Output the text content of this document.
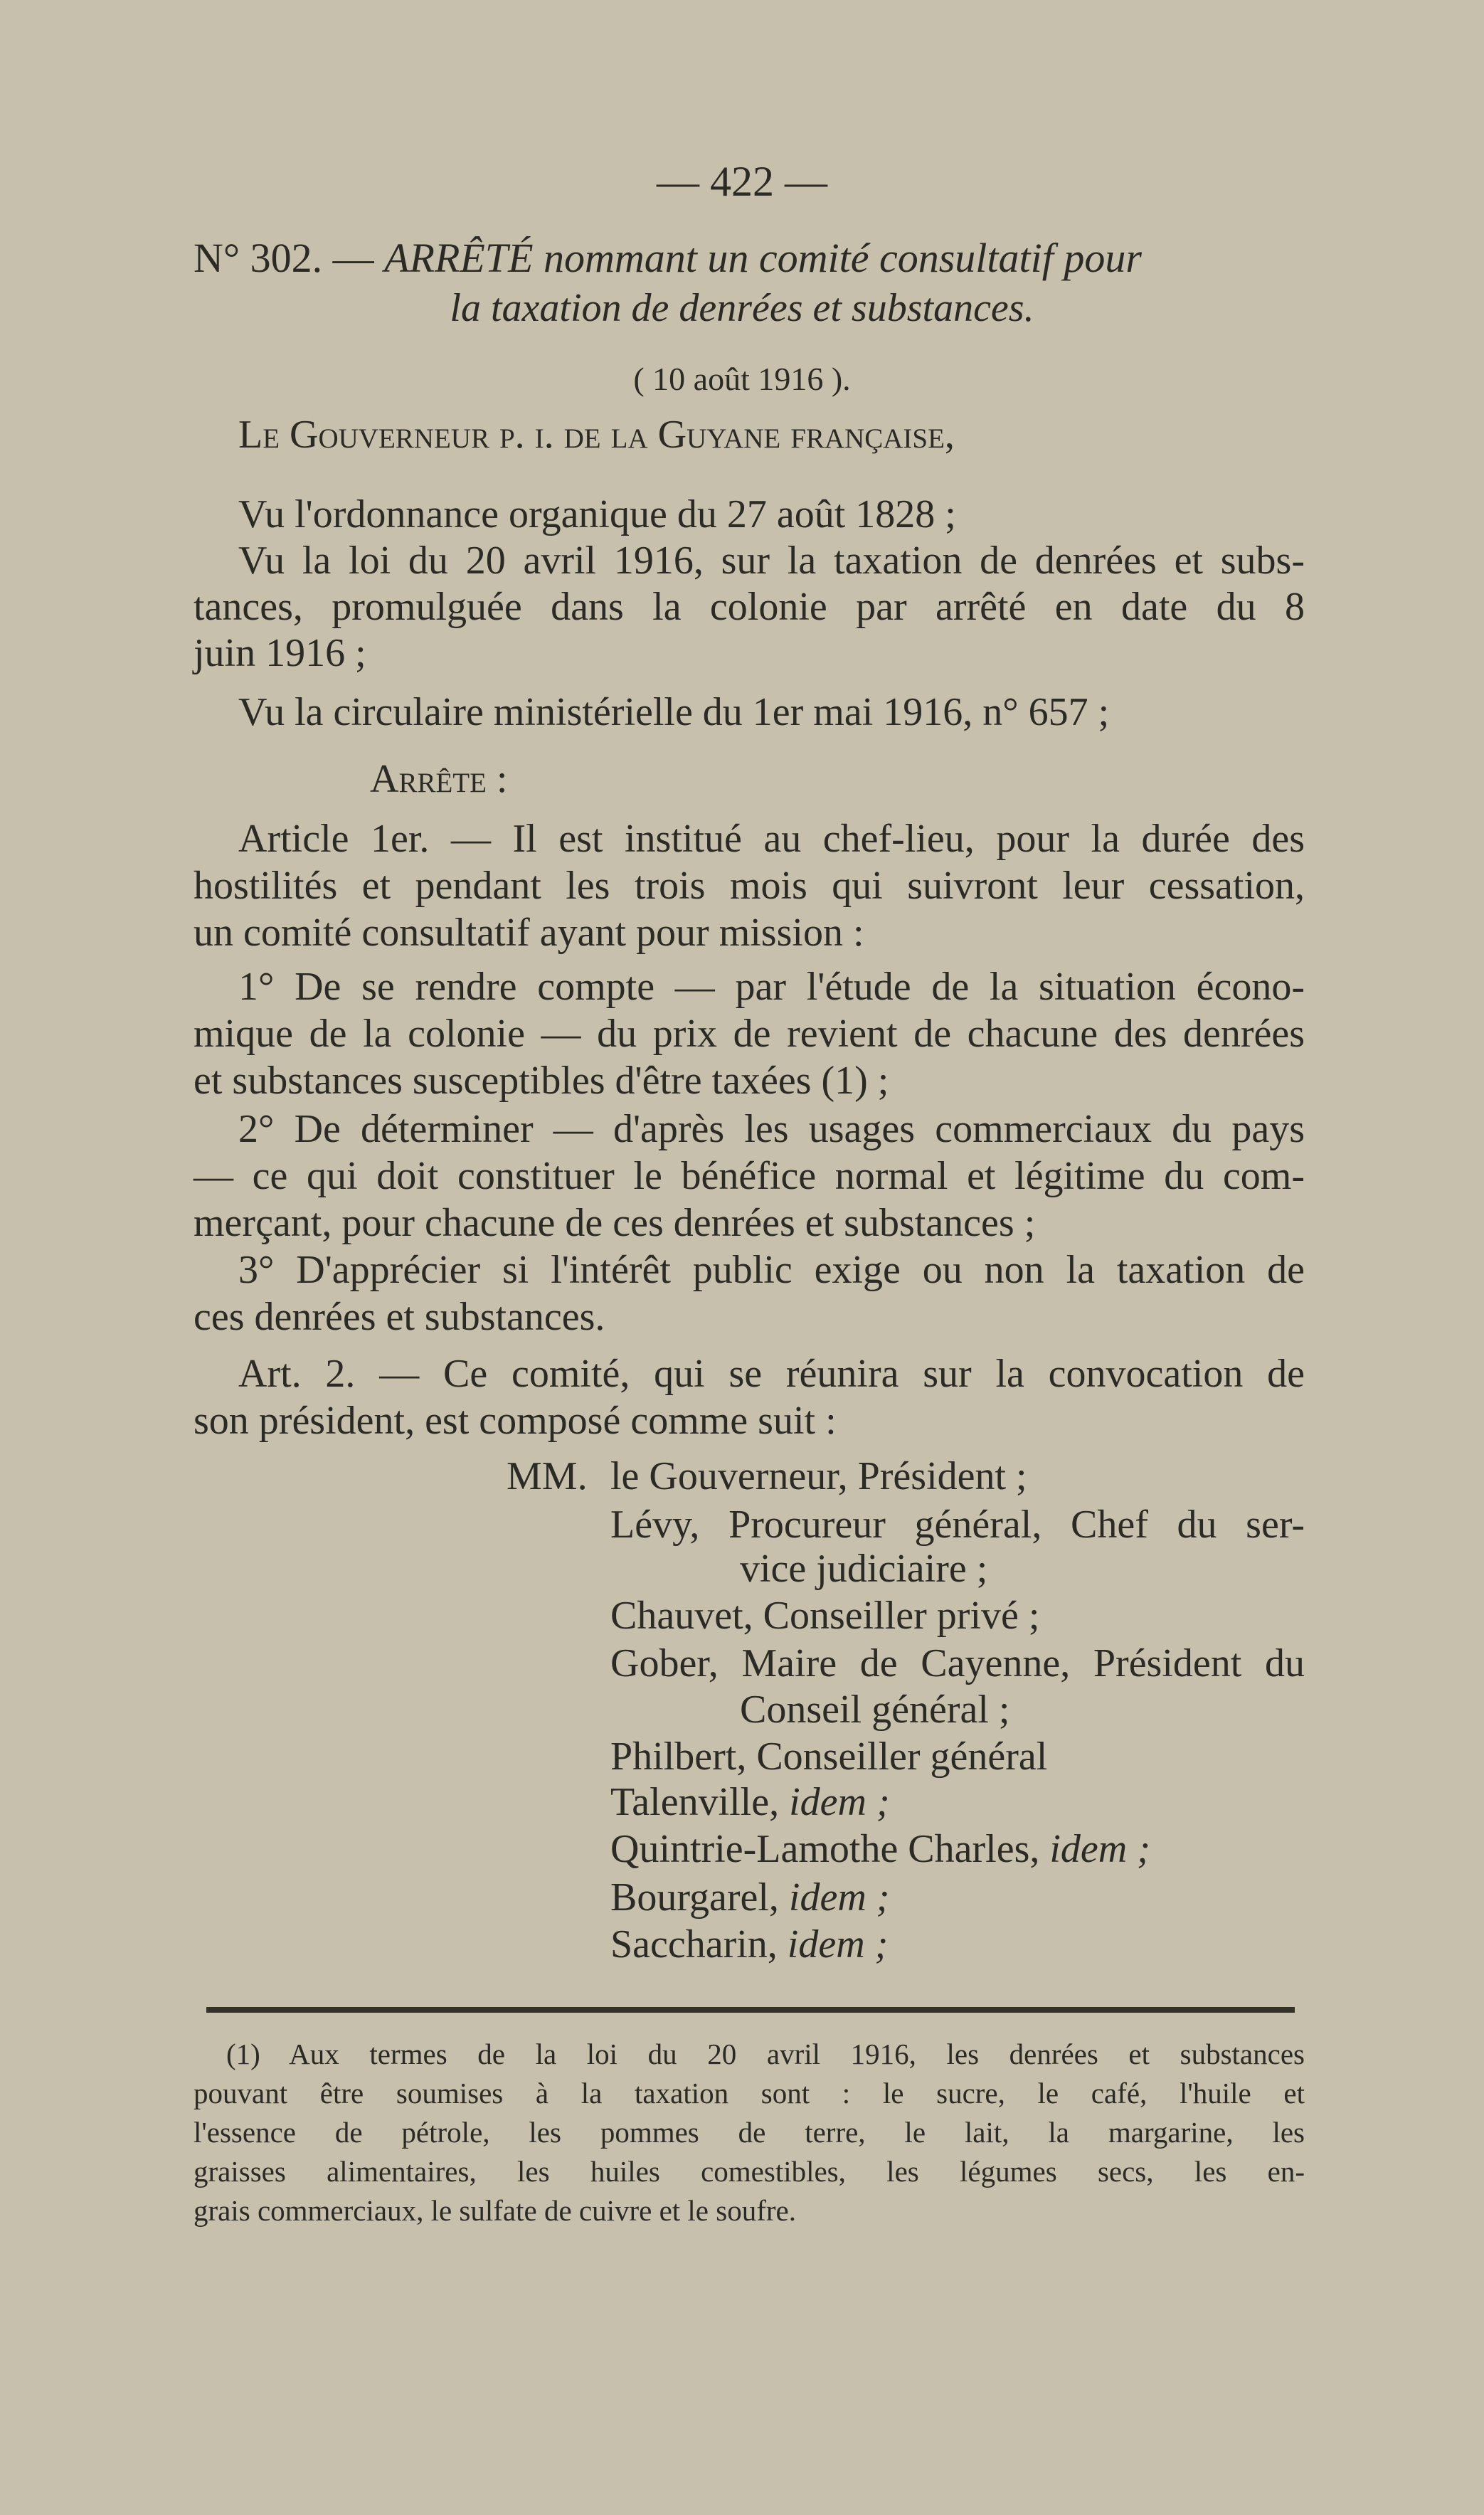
— 422 —
N° 302. — ARRÊTÉ nommant un comité consultatif pour
la taxation de denrées et substances.
( 10 août 1916 ).
Le Gouverneur p. i. de la Guyane française,
Vu l'ordonnance organique du 27 août 1828 ;
Vu la loi du 20 avril 1916, sur la taxation de denrées et subs-
tances, promulguée dans la colonie par arrêté en date du 8
juin 1916 ;
Vu la circulaire ministérielle du 1er mai 1916, n° 657 ;
Arrête :
Article 1er. — Il est institué au chef-lieu, pour la durée des
hostilités et pendant les trois mois qui suivront leur cessation,
un comité consultatif ayant pour mission :
1° De se rendre compte — par l'étude de la situation écono-
mique de la colonie — du prix de revient de chacune des denrées
et substances susceptibles d'être taxées (1) ;
2° De déterminer — d'après les usages commerciaux du pays
— ce qui doit constituer le bénéfice normal et légitime du com-
merçant, pour chacune de ces denrées et substances ;
3° D'apprécier si l'intérêt public exige ou non la taxation de
ces denrées et substances.
Art. 2. — Ce comité, qui se réunira sur la convocation de
son président, est composé comme suit :
MM. le Gouverneur, Président ;
Lévy, Procureur général, Chef du ser-
vice judiciaire ;
Chauvet, Conseiller privé ;
Gober, Maire de Cayenne, Président du
Conseil général ;
Philbert, Conseiller général
Talenville, idem ;
Quintrie-Lamothe Charles, idem ;
Bourgarel, idem ;
Saccharin, idem ;
(1) Aux termes de la loi du 20 avril 1916, les denrées et substances
pouvant être soumises à la taxation sont : le sucre, le café, l'huile et
l'essence de pétrole, les pommes de terre, le lait, la margarine, les
graisses alimentaires, les huiles comestibles, les légumes secs, les en-
grais commerciaux, le sulfate de cuivre et le soufre.
